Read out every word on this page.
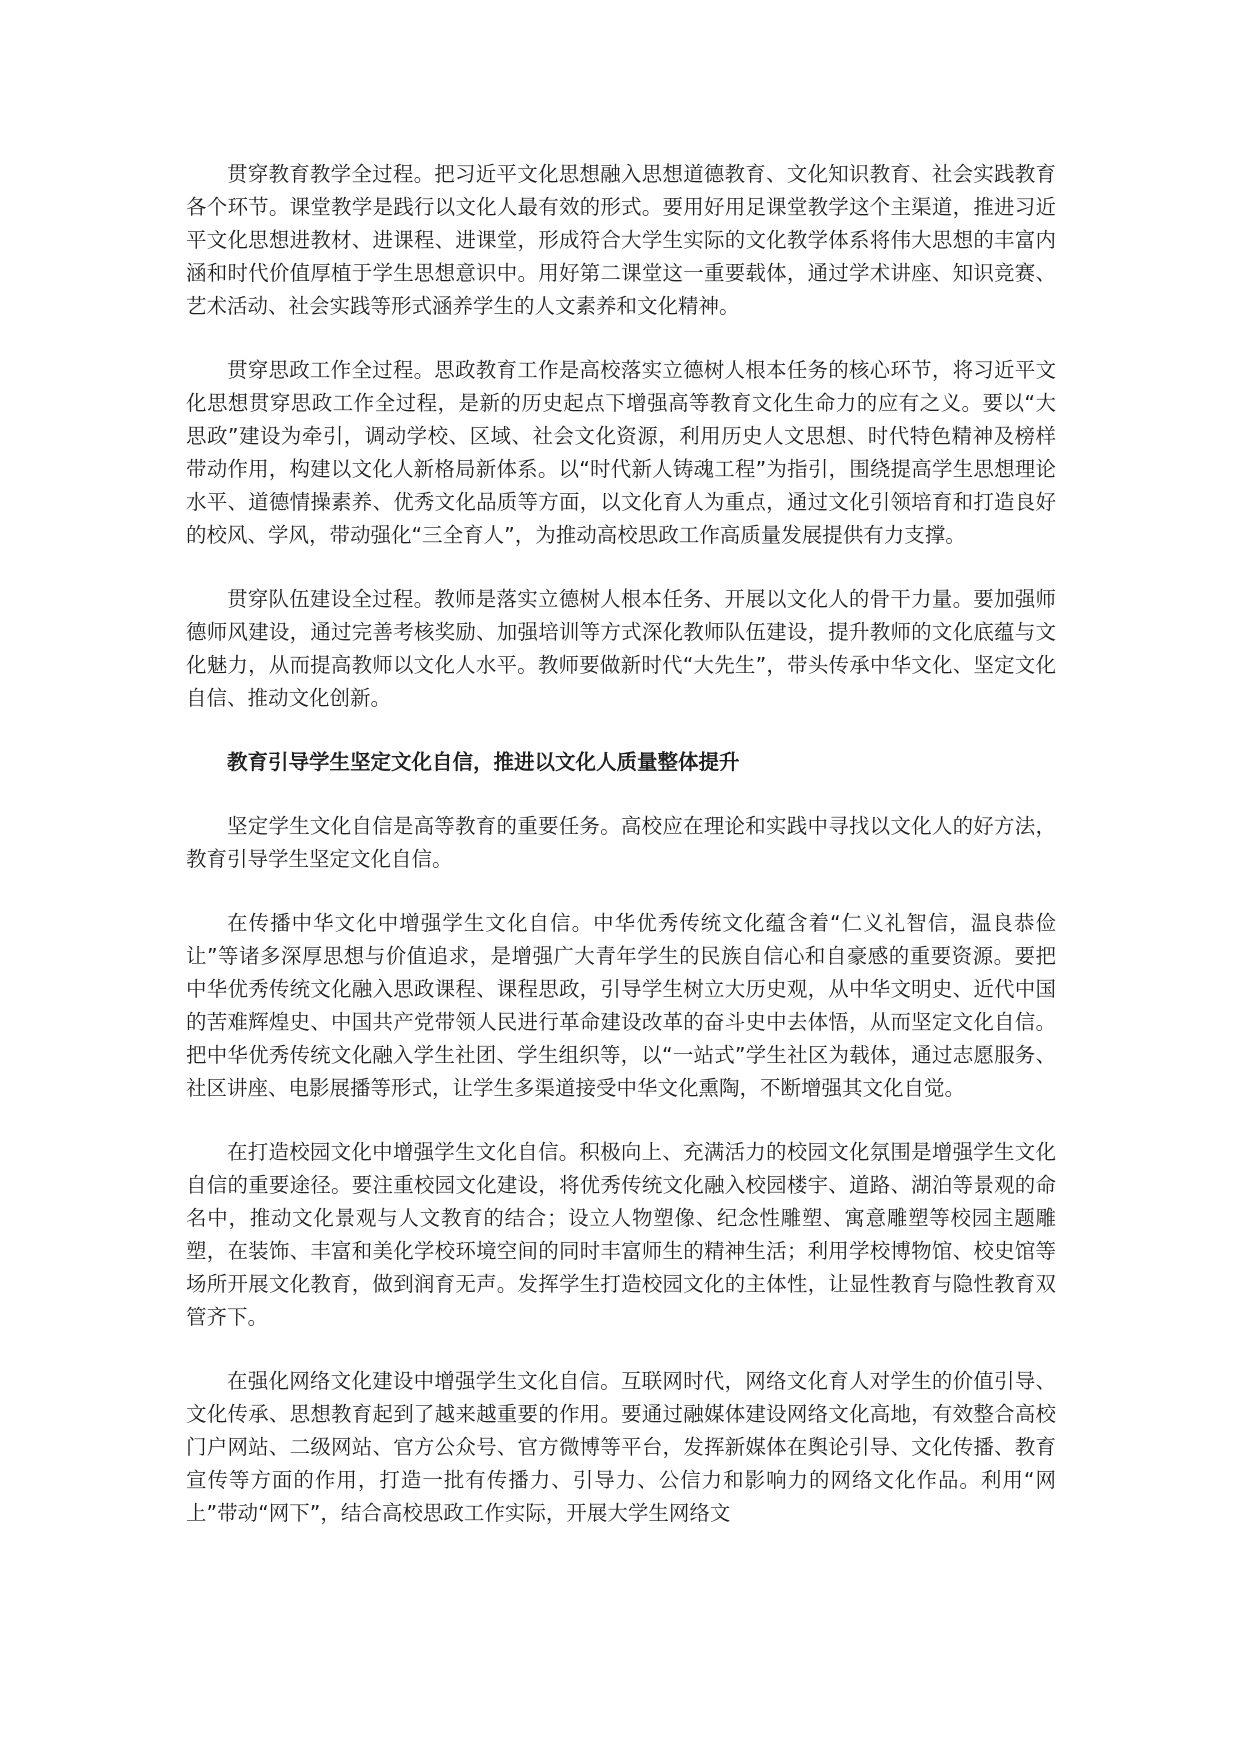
贯穿教育教学全过程。把习近平文化思想融入思想道德教育、文化知识教育、社会实践教育各个环节。课堂教学是践行以文化人最有效的形式。要用好用足课堂教学这个主渠道，推进习近平文化思想进教材、进课程、进课堂，形成符合大学生实际的文化教学体系将伟大思想的丰富内涵和时代价值厚植于学生思想意识中。用好第二课堂这一重要载体，通过学术讲座、知识竞赛、艺术活动、社会实践等形式涵养学生的人文素养和文化精神。

贯穿思政工作全过程。思政教育工作是高校落实立德树人根本任务的核心环节，将习近平文化思想贯穿思政工作全过程，是新的历史起点下增强高等教育文化生命力的应有之义。要以“大思政”建设为牵引，调动学校、区域、社会文化资源，利用历史人文思想、时代特色精神及榜样带动作用，构建以文化人新格局新体系。以“时代新人铸魂工程”为指引，围绕提高学生思想理论水平、道德情操素养、优秀文化品质等方面，以文化育人为重点，通过文化引领培育和打造良好的校风、学风，带动强化“三全育人”，为推动高校思政工作高质量发展提供有力支撑。

贯穿队伍建设全过程。教师是落实立德树人根本任务、开展以文化人的骨干力量。要加强师德师风建设，通过完善考核奖励、加强培训等方式深化教师队伍建设，提升教师的文化底蕴与文化魅力，从而提高教师以文化人水平。教师要做新时代“大先生”，带头传承中华文化、坚定文化自信、推动文化创新。

教育引导学生坚定文化自信，推进以文化人质量整体提升

坚定学生文化自信是高等教育的重要任务。高校应在理论和实践中寻找以文化人的好方法，教育引导学生坚定文化自信。

在传播中华文化中增强学生文化自信。中华优秀传统文化蕴含着“仁义礼智信，温良恭俭让”等诸多深厚思想与价值追求，是增强广大青年学生的民族自信心和自豪感的重要资源。要把中华优秀传统文化融入思政课程、课程思政，引导学生树立大历史观，从中华文明史、近代中国的苦难辉煌史、中国共产党带领人民进行革命建设改革的奋斗史中去体悟，从而坚定文化自信。把中华优秀传统文化融入学生社团、学生组织等，以“一站式”学生社区为载体，通过志愿服务、社区讲座、电影展播等形式，让学生多渠道接受中华文化熏陶，不断增强其文化自觉。

在打造校园文化中增强学生文化自信。积极向上、充满活力的校园文化氛围是增强学生文化自信的重要途径。要注重校园文化建设，将优秀传统文化融入校园楼宇、道路、湖泊等景观的命名中，推动文化景观与人文教育的结合；设立人物塑像、纪念性雕塑、寓意雕塑等校园主题雕塑，在装饰、丰富和美化学校环境空间的同时丰富师生的精神生活；利用学校博物馆、校史馆等场所开展文化教育，做到润育无声。发挥学生打造校园文化的主体性，让显性教育与隐性教育双管齐下。

在强化网络文化建设中增强学生文化自信。互联网时代，网络文化育人对学生的价值引导、文化传承、思想教育起到了越来越重要的作用。要通过融媒体建设网络文化高地，有效整合高校门户网站、二级网站、官方公众号、官方微博等平台，发挥新媒体在舆论引导、文化传播、教育宣传等方面的作用，打造一批有传播力、引导力、公信力和影响力的网络文化作品。利用“网上”带动“网下”，结合高校思政工作实际，开展大学生网络文
